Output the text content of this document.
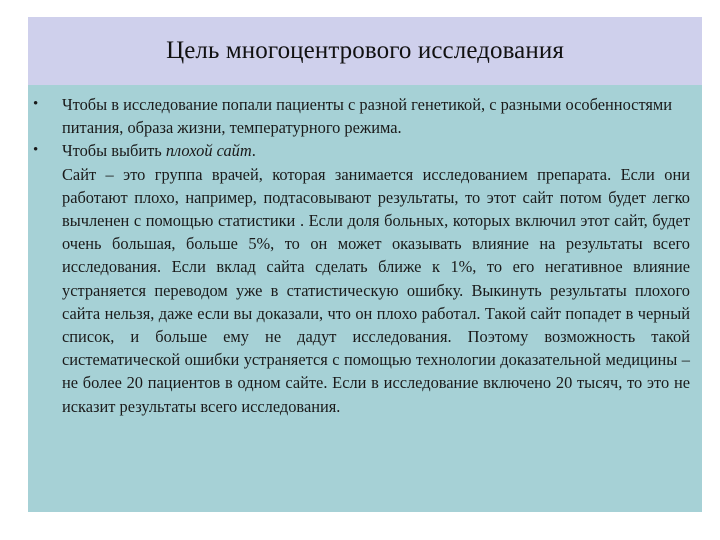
Цель многоцентрового исследования

• Чтобы в исследование попали пациенты с разной генетикой, с разными особенностями питания, образа жизни, температурного режима.

• Чтобы выбить плохой сайт.

Сайт – это группа врачей, которая занимается исследованием препарата. Если они работают плохо, например, подтасовывают результаты, то этот сайт потом будет легко вычленен с помощью статистики . Если доля больных, которых включил этот сайт, будет очень большая, больше 5%, то он может оказывать влияние на результаты всего исследования. Если вклад сайта сделать ближе к 1%, то его негативное влияние устраняется переводом уже в статистическую ошибку. Выкинуть результаты плохого сайта нельзя, даже если вы доказали, что он плохо работал. Такой сайт попадет в черный список, и больше ему не дадут исследования. Поэтому возможность такой систематической ошибки устраняется с помощью технологии доказательной медицины – не более 20 пациентов в одном сайте. Если в исследование включено 20 тысяч, то это не исказит результаты всего исследования.
